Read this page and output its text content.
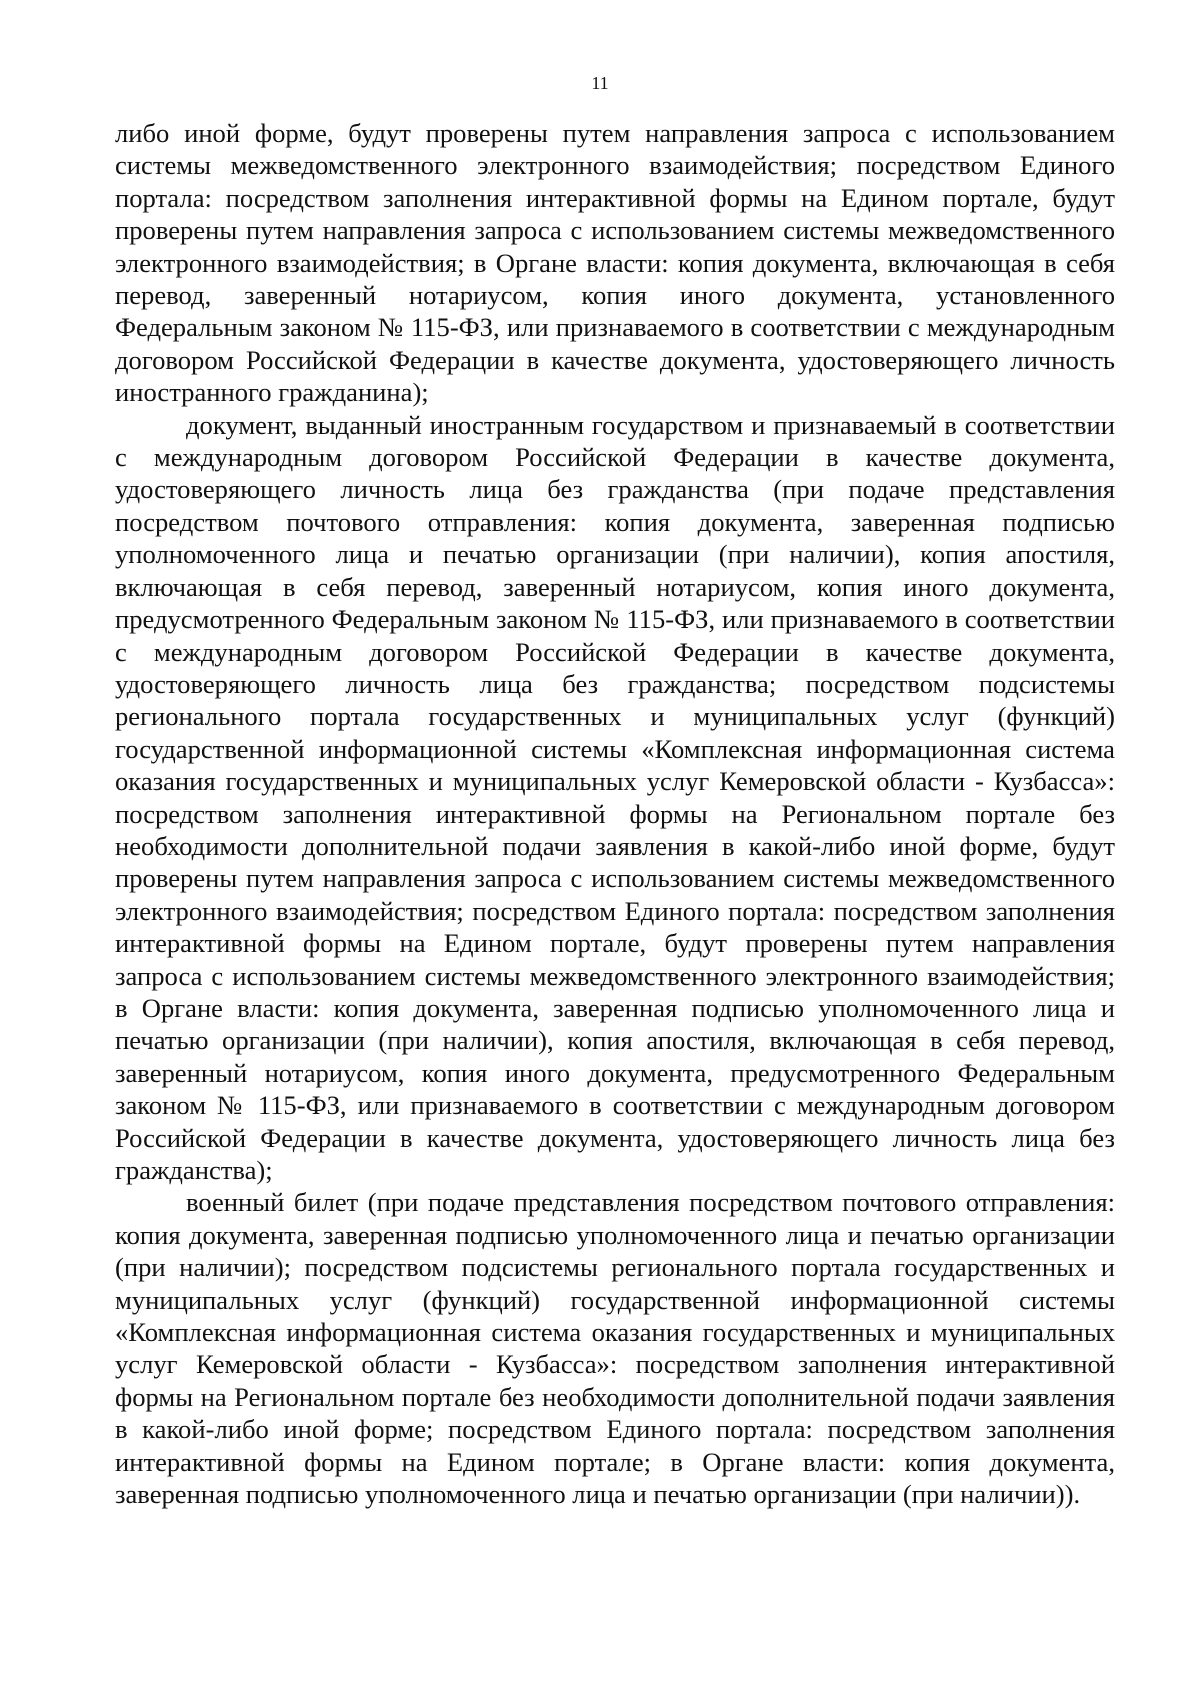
11

либо иной форме, будут проверены путем направления запроса с использованием системы межведомственного электронного взаимодействия; посредством Единого портала: посредством заполнения интерактивной формы на Едином портале, будут проверены путем направления запроса с использованием системы межведомственного электронного взаимодействия; в Органе власти: копия документа, включающая в себя перевод, заверенный нотариусом, копия иного документа, установленного Федеральным законом № 115-ФЗ, или признаваемого в соответствии с международным договором Российской Федерации в качестве документа, удостоверяющего личность иностранного гражданина);

документ, выданный иностранным государством и признаваемый в соответствии с международным договором Российской Федерации в качестве документа, удостоверяющего личность лица без гражданства (при подаче представления посредством почтового отправления: копия документа, заверенная подписью уполномоченного лица и печатью организации (при наличии), копия апостиля, включающая в себя перевод, заверенный нотариусом, копия иного документа, предусмотренного Федеральным законом № 115-ФЗ, или признаваемого в соответствии с международным договором Российской Федерации в качестве документа, удостоверяющего личность лица без гражданства; посредством подсистемы регионального портала государственных и муниципальных услуг (функций) государственной информационной системы «Комплексная информационная система оказания государственных и муниципальных услуг Кемеровской области - Кузбасса»: посредством заполнения интерактивной формы на Региональном портале без необходимости дополнительной подачи заявления в какой-либо иной форме, будут проверены путем направления запроса с использованием системы межведомственного электронного взаимодействия; посредством Единого портала: посредством заполнения интерактивной формы на Едином портале, будут проверены путем направления запроса с использованием системы межведомственного электронного взаимодействия; в Органе власти: копия документа, заверенная подписью уполномоченного лица и печатью организации (при наличии), копия апостиля, включающая в себя перевод, заверенный нотариусом, копия иного документа, предусмотренного Федеральным законом № 115-ФЗ, или признаваемого в соответствии с международным договором Российской Федерации в качестве документа, удостоверяющего личность лица без гражданства);

военный билет (при подаче представления посредством почтового отправления: копия документа, заверенная подписью уполномоченного лица и печатью организации (при наличии); посредством подсистемы регионального портала государственных и муниципальных услуг (функций) государственной информационной системы «Комплексная информационная система оказания государственных и муниципальных услуг Кемеровской области - Кузбасса»: посредством заполнения интерактивной формы на Региональном портале без необходимости дополнительной подачи заявления в какой-либо иной форме; посредством Единого портала: посредством заполнения интерактивной формы на Едином портале; в Органе власти: копия документа, заверенная подписью уполномоченного лица и печатью организации (при наличии)).
